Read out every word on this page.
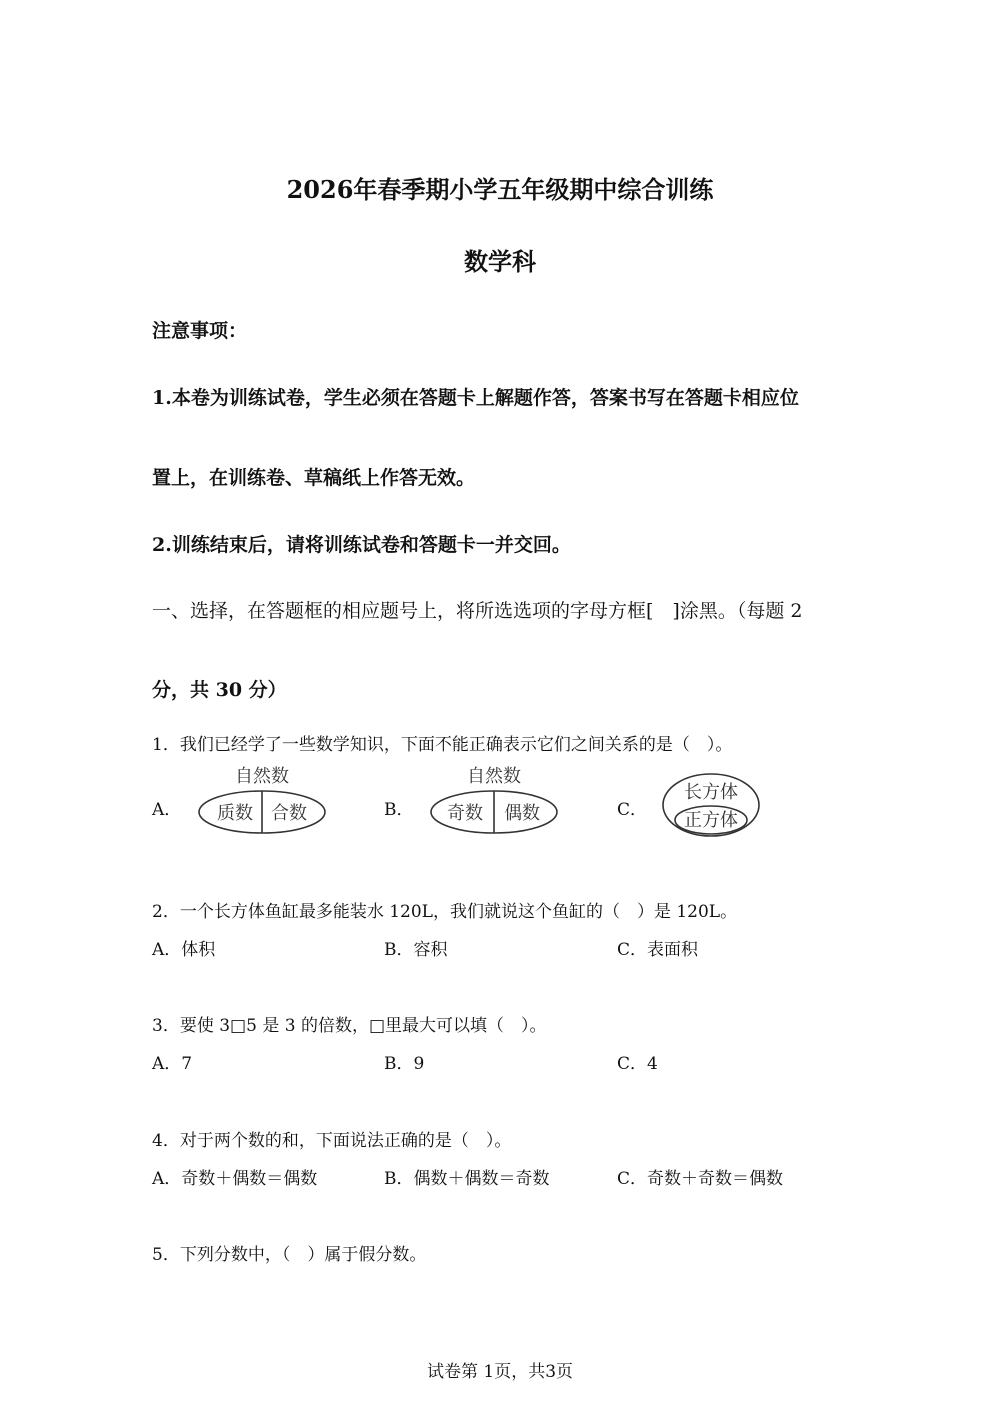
2026年春季期小学五年级期中综合训练
数学科
注意事项：
1.本卷为训练试卷，学生必须在答题卡上解题作答，答案书写在答题卡相应位
置上，在训练卷、草稿纸上作答无效。
2.训练结束后，请将训练试卷和答题卡一并交回。
一、选择，在答题框的相应题号上，将所选选项的字母方框[　]涂黑。（每题 2
分，共 30 分）
1．我们已经学了一些数学知识，下面不能正确表示它们之间关系的是（　）。
A．	B．	C．
自然数
质数 合数
自然数
奇数 偶数
长方体
正方体
2．一个长方体鱼缸最多能装水 120L，我们就说这个鱼缸的（　）是 120L。
A．体积	B．容积	C．表面积
3．要使 3□5 是 3 的倍数，□里最大可以填（　）。
A．7	B．9	C．4
4．对于两个数的和，下面说法正确的是（　）。
A．奇数＋偶数＝偶数	B．偶数＋偶数＝奇数	C．奇数＋奇数＝偶数
5．下列分数中，（　）属于假分数。
试卷第 1页，共3页
